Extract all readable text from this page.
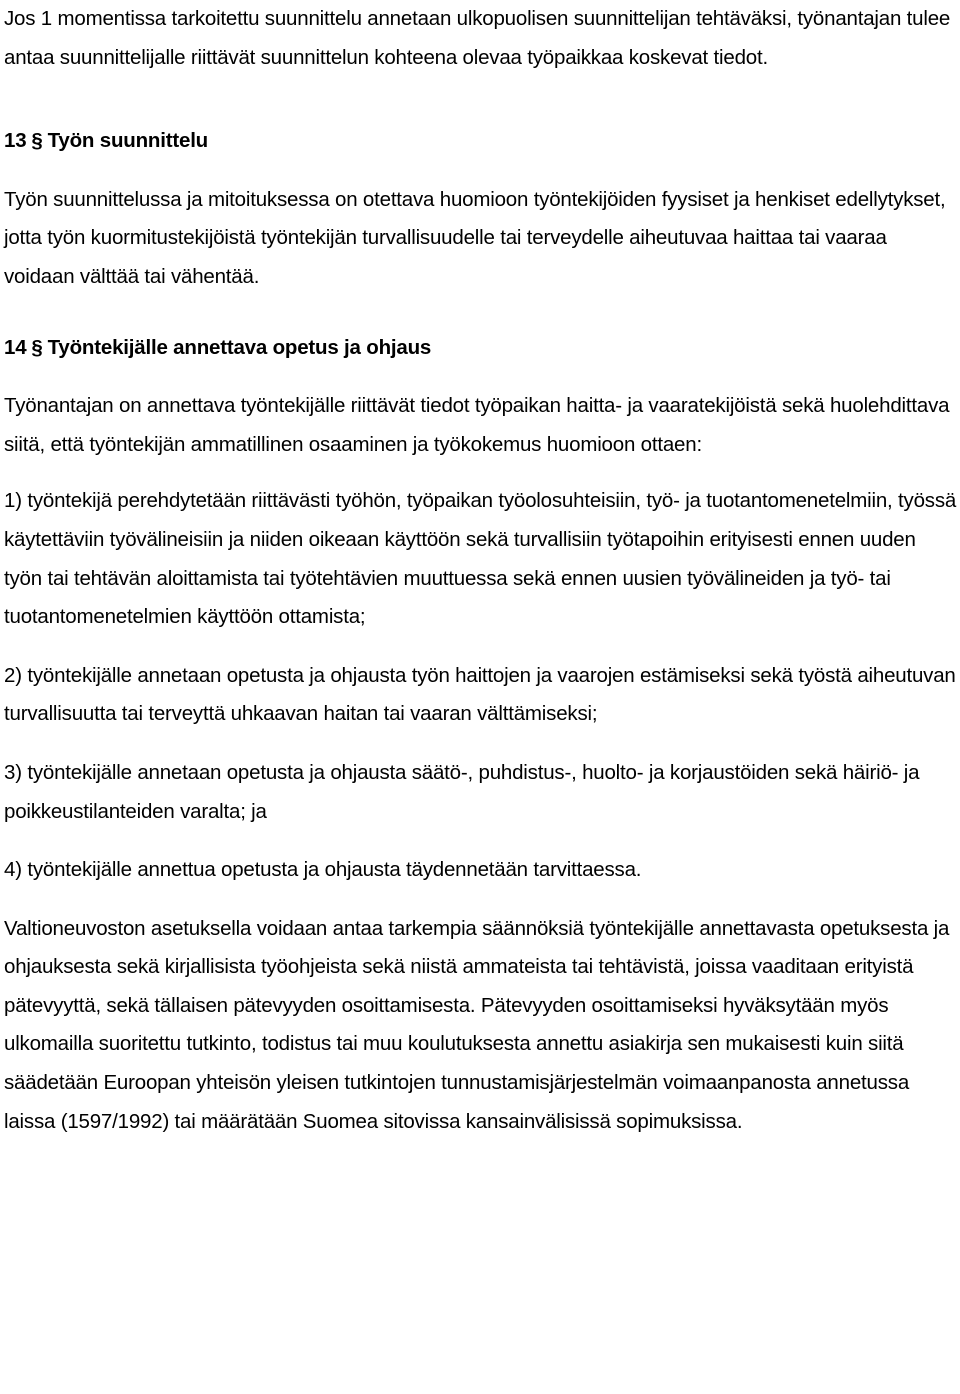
Jos 1 momentissa tarkoitettu suunnittelu annetaan ulkopuolisen suunnittelijan tehtäväksi, työnantajan tulee antaa suunnittelijalle riittävät suunnittelun kohteena olevaa työpaikkaa koskevat tiedot.

13 § Työn suunnittelu

Työn suunnittelussa ja mitoituksessa on otettava huomioon työntekijöiden fyysiset ja henkiset edellytykset, jotta työn kuormitustekijöistä työntekijän turvallisuudelle tai terveydelle aiheutuvaa haittaa tai vaaraa voidaan välttää tai vähentää.

14 § Työntekijälle annettava opetus ja ohjaus

Työnantajan on annettava työntekijälle riittävät tiedot työpaikan haitta- ja vaaratekijöistä sekä huolehdittava siitä, että työntekijän ammatillinen osaaminen ja työkokemus huomioon ottaen:

1) työntekijä perehdytetään riittävästi työhön, työpaikan työolosuhteisiin, työ- ja tuotantomenetelmiin, työssä käytettäviin työvälineisiin ja niiden oikeaan käyttöön sekä turvallisiin työtapoihin erityisesti ennen uuden työn tai tehtävän aloittamista tai työtehtävien muuttuessa sekä ennen uusien työvälineiden ja työ- tai tuotantomenetelmien käyttöön ottamista;

2) työntekijälle annetaan opetusta ja ohjausta työn haittojen ja vaarojen estämiseksi sekä työstä aiheutuvan turvallisuutta tai terveyttä uhkaavan haitan tai vaaran välttämiseksi;

3) työntekijälle annetaan opetusta ja ohjausta säätö-, puhdistus-, huolto- ja korjaustöiden sekä häiriö- ja poikkeustilanteiden varalta; ja

4) työntekijälle annettua opetusta ja ohjausta täydennetään tarvittaessa.

Valtioneuvoston asetuksella voidaan antaa tarkempia säännöksiä työntekijälle annettavasta opetuksesta ja ohjauksesta sekä kirjallisista työohjeista sekä niistä ammateista tai tehtävistä, joissa vaaditaan erityistä pätevyyttä, sekä tällaisen pätevyyden osoittamisesta. Pätevyyden osoittamiseksi hyväksytään myös ulkomailla suoritettu tutkinto, todistus tai muu koulutuksesta annettu asiakirja sen mukaisesti kuin siitä säädetään Euroopan yhteisön yleisen tutkintojen tunnustamisjärjestelmän voimaanpanosta annetussa laissa (1597/1992) tai määrätään Suomea sitovissa kansainvälisissä sopimuksissa.
